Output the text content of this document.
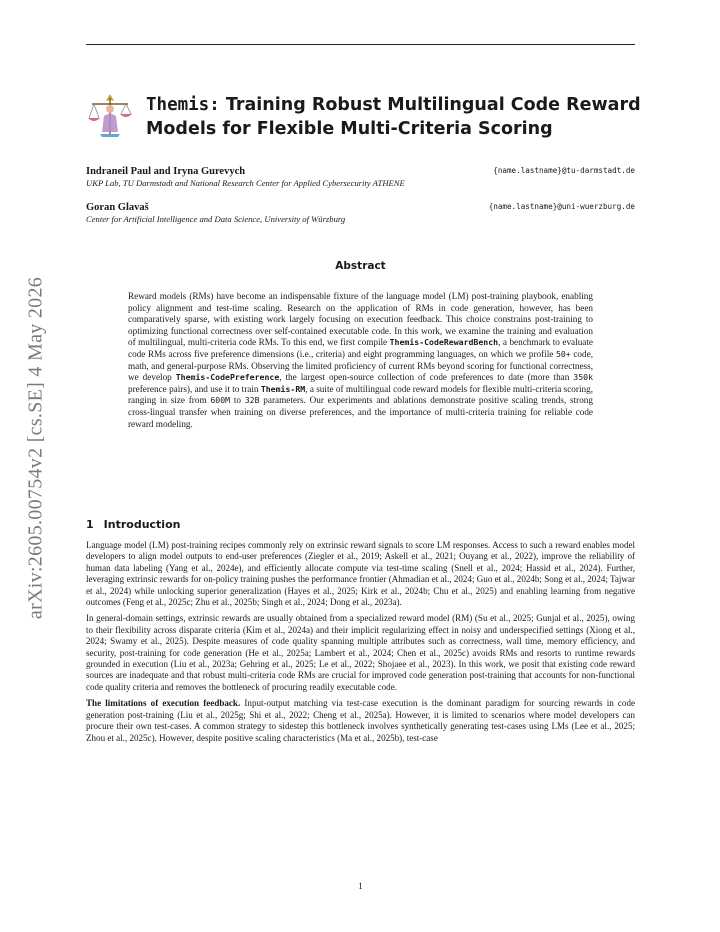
arXiv:2605.00754v2 [cs.SE] 4 May 2026
Themis: Training Robust Multilingual Code Reward Models for Flexible Multi-Criteria Scoring
Indraneil Paul and Iryna Gurevych
UKP Lab, TU Darmstadt and National Research Center for Applied Cybersecurity ATHENE
{name.lastname}@tu-darmstadt.de
Goran Glavaš
Center for Artificial Intelligence and Data Science, University of Würzburg
{name.lastname}@uni-wuerzburg.de
Abstract
Reward models (RMs) have become an indispensable fixture of the language model (LM) post-training playbook, enabling policy alignment and test-time scaling. Research on the application of RMs in code generation, however, has been comparatively sparse, with existing work largely focusing on execution feedback. This choice constrains post-training to optimizing functional correctness over self-contained executable code. In this work, we examine the training and evaluation of multilingual, multi-criteria code RMs. To this end, we first compile Themis-CodeRewardBench, a benchmark to evaluate code RMs across five preference dimensions (i.e., criteria) and eight programming languages, on which we profile 50+ code, math, and general-purpose RMs. Observing the limited proficiency of current RMs beyond scoring for functional correctness, we develop Themis-CodePreference, the largest open-source collection of code preferences to date (more than 350k preference pairs), and use it to train Themis-RM, a suite of multilingual code reward models for flexible multi-criteria scoring, ranging in size from 600M to 32B parameters. Our experiments and ablations demonstrate positive scaling trends, strong cross-lingual transfer when training on diverse preferences, and the importance of multi-criteria training for reliable code reward modeling.
1 Introduction

Language model (LM) post-training recipes commonly rely on extrinsic reward signals to score LM responses. Access to such a reward enables model developers to align model outputs to end-user preferences (Ziegler et al., 2019; Askell et al., 2021; Ouyang et al., 2022), improve the reliability of human data labeling (Yang et al., 2024e), and efficiently allocate compute via test-time scaling (Snell et al., 2024; Hassid et al., 2024). Further, leveraging extrinsic rewards for on-policy training pushes the performance frontier (Ahmadian et al., 2024; Guo et al., 2024b; Song et al., 2024; Tajwar et al., 2024) while unlocking superior generalization (Hayes et al., 2025; Kirk et al., 2024b; Chu et al., 2025) and enabling learning from negative outcomes (Feng et al., 2025c; Zhu et al., 2025b; Singh et al., 2024; Dong et al., 2023a).

In general-domain settings, extrinsic rewards are usually obtained from a specialized reward model (RM) (Su et al., 2025; Gunjal et al., 2025), owing to their flexibility across disparate criteria (Kim et al., 2024a) and their implicit regularizing effect in noisy and underspecified settings (Xiong et al., 2024; Swamy et al., 2025). Despite measures of code quality spanning multiple attributes such as correctness, wall time, memory efficiency, and security, post-training for code generation (He et al., 2025a; Lambert et al., 2024; Chen et al., 2025c) avoids RMs and resorts to runtime rewards grounded in execution (Liu et al., 2023a; Gehring et al., 2025; Le et al., 2022; Shojaee et al., 2023). In this work, we posit that existing code reward sources are inadequate and that robust multi-criteria code RMs are crucial for improved code generation post-training that accounts for non-functional code quality criteria and removes the bottleneck of procuring readily executable code.

The limitations of execution feedback. Input-output matching via test-case execution is the dominant paradigm for sourcing rewards in code generation post-training (Liu et al., 2025g; Shi et al., 2022; Cheng et al., 2025a). However, it is limited to scenarios where model developers can procure their own test-cases. A common strategy to sidestep this bottleneck involves synthetically generating test-cases using LMs (Lee et al., 2025; Zhou et al., 2025c). However, despite positive scaling characteristics (Ma et al., 2025b), test-case

1
